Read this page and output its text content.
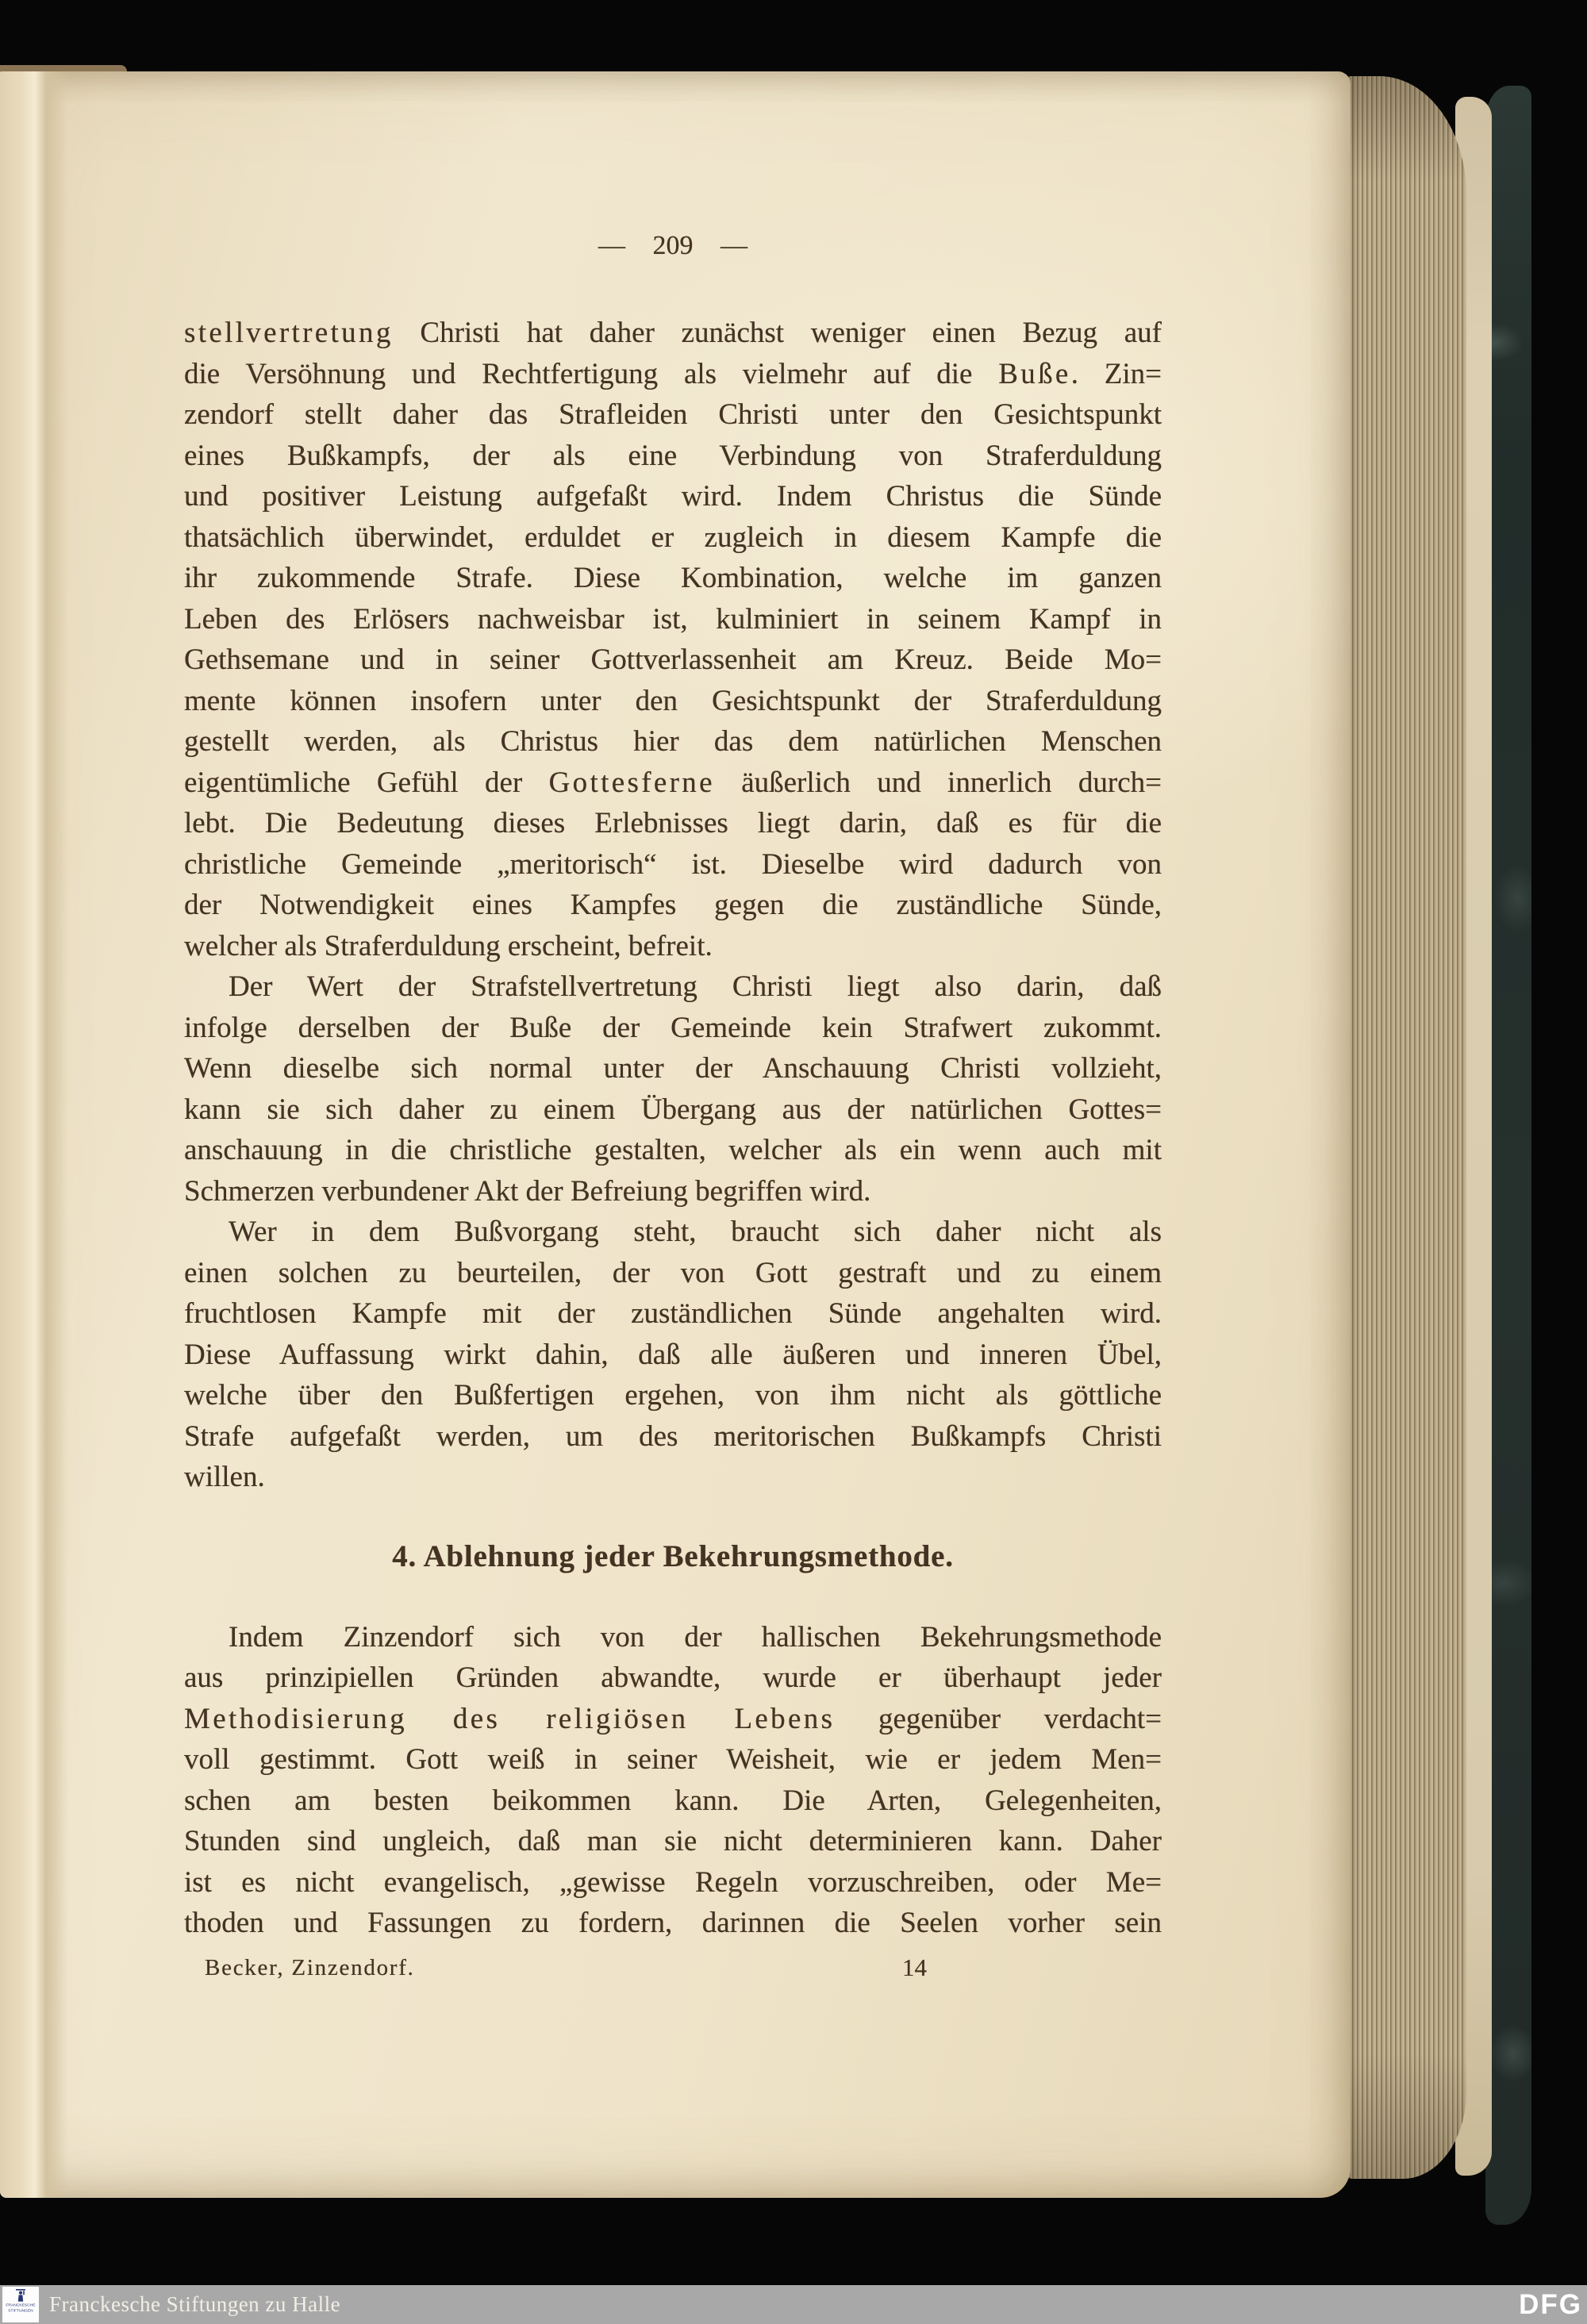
— 209 —
stellvertretung Christi hat daher zunächst weniger einen Bezug auf
die Versöhnung und Rechtfertigung als vielmehr auf die Buße. Zin=
zendorf stellt daher das Strafleiden Christi unter den Gesichtspunkt
eines Bußkampfs, der als eine Verbindung von Straferduldung
und positiver Leistung aufgefaßt wird. Indem Christus die Sünde
thatsächlich überwindet, erduldet er zugleich in diesem Kampfe die
ihr zukommende Strafe. Diese Kombination, welche im ganzen
Leben des Erlösers nachweisbar ist, kulminiert in seinem Kampf in
Gethsemane und in seiner Gottverlassenheit am Kreuz. Beide Mo=
mente können insofern unter den Gesichtspunkt der Straferduldung
gestellt werden, als Christus hier das dem natürlichen Menschen
eigentümliche Gefühl der Gottesferne äußerlich und innerlich durch=
lebt. Die Bedeutung dieses Erlebnisses liegt darin, daß es für die
christliche Gemeinde „meritorisch“ ist. Dieselbe wird dadurch von
der Notwendigkeit eines Kampfes gegen die zuständliche Sünde,
welcher als Straferduldung erscheint, befreit.
Der Wert der Strafstellvertretung Christi liegt also darin, daß
infolge derselben der Buße der Gemeinde kein Strafwert zukommt.
Wenn dieselbe sich normal unter der Anschauung Christi vollzieht,
kann sie sich daher zu einem Übergang aus der natürlichen Gottes=
anschauung in die christliche gestalten, welcher als ein wenn auch mit
Schmerzen verbundener Akt der Befreiung begriffen wird.
Wer in dem Bußvorgang steht, braucht sich daher nicht als
einen solchen zu beurteilen, der von Gott gestraft und zu einem
fruchtlosen Kampfe mit der zuständlichen Sünde angehalten wird.
Diese Auffassung wirkt dahin, daß alle äußeren und inneren Übel,
welche über den Bußfertigen ergehen, von ihm nicht als göttliche
Strafe aufgefaßt werden, um des meritorischen Bußkampfs Christi
willen.
4. Ablehnung jeder Bekehrungsmethode.
Indem Zinzendorf sich von der hallischen Bekehrungsmethode
aus prinzipiellen Gründen abwandte, wurde er überhaupt jeder
Methodisierung des religiösen Lebens gegenüber verdacht=
voll gestimmt. Gott weiß in seiner Weisheit, wie er jedem Men=
schen am besten beikommen kann. Die Arten, Gelegenheiten,
Stunden sind ungleich, daß man sie nicht determinieren kann. Daher
ist es nicht evangelisch, „gewisse Regeln vorzuschreiben, oder Me=
thoden und Fassungen zu fordern, darinnen die Seelen vorher sein
Becker, Zinzendorf.	14
FRANCKESCHE
STIFTUNGEN Franckesche Stiftungen zu Halle	DFG
